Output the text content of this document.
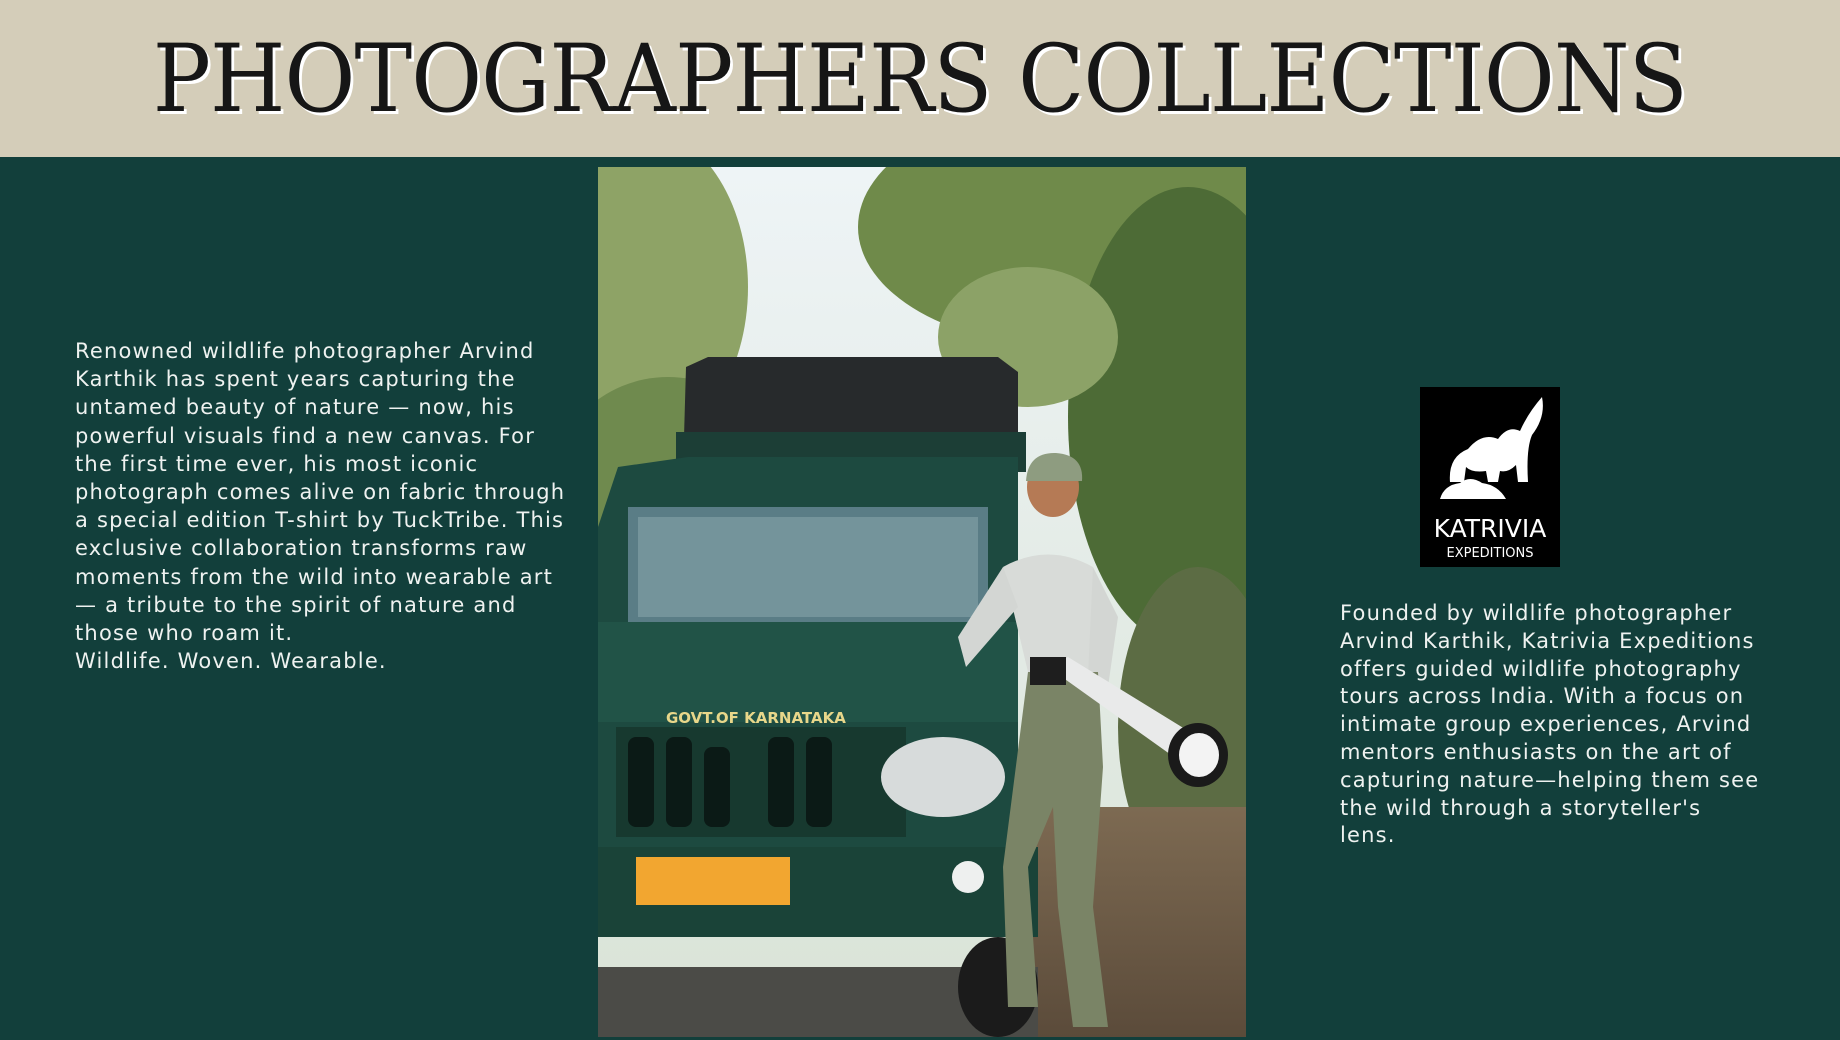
PHOTOGRAPHERS COLLECTIONS

Renowned wildlife photographer Arvind Karthik has spent years capturing the untamed beauty of nature — now, his powerful visuals find a new canvas. For the first time ever, his most iconic photograph comes alive on fabric through a special edition T-shirt by TuckTribe. This exclusive collaboration transforms raw moments from the wild into wearable art — a tribute to the spirit of nature and those who roam it.

Wildlife. Woven. Wearable.

GOVT.OF KARNATAKA
KATRIVIA
EXPEDITIONS

Founded by wildlife photographer Arvind Karthik, Katrivia Expeditions offers guided wildlife photography tours across India. With a focus on intimate group experiences, Arvind mentors enthusiasts on the art of capturing nature—helping them see the wild through a storyteller's lens.
